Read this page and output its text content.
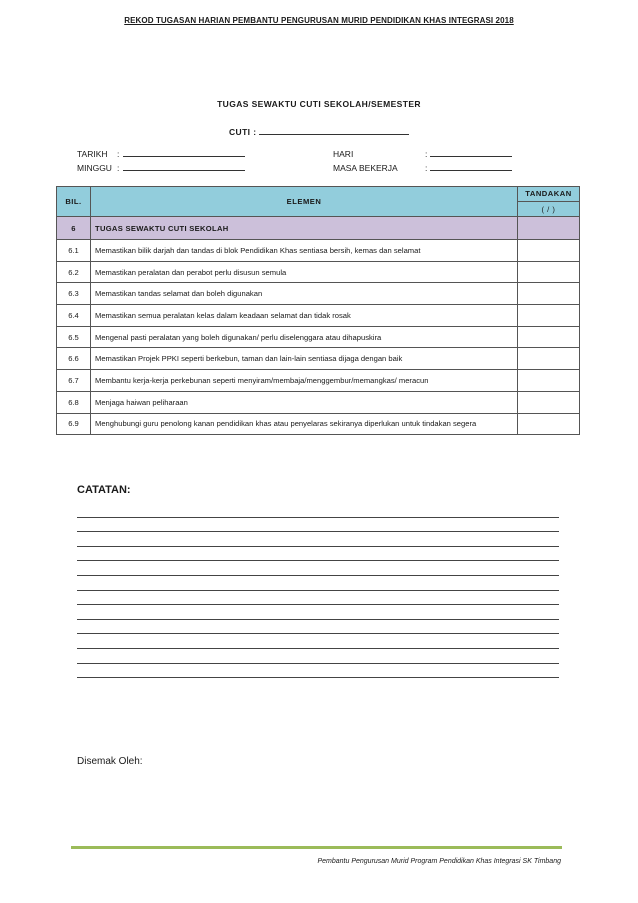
REKOD TUGASAN HARIAN PEMBANTU PENGURUSAN MURID PENDIDIKAN KHAS INTEGRASI 2018
TUGAS SEWAKTU CUTI SEKOLAH/SEMESTER
CUTI :
TARIKH :
MINGGU :
HARI	:
MASA BEKERJA	:
BIL.	ELEMEN	TANDAKAN
( / )

6	TUGAS SEWAKTU CUTI SEKOLAH	
6.1	Memastikan bilik darjah dan tandas di blok Pendidikan Khas sentiasa bersih, kemas dan selamat	
6.2	Memastikan peralatan dan perabot perlu disusun semula	
6.3	Memastikan tandas selamat dan boleh digunakan	
6.4	Memastikan semua peralatan kelas dalam keadaan selamat dan tidak rosak	
6.5	Mengenal pasti peralatan yang boleh digunakan/ perlu diselenggara atau dihapuskira	
6.6	Memastikan Projek PPKI seperti berkebun, taman dan lain-lain sentiasa dijaga dengan baik	
6.7	Membantu kerja-kerja perkebunan seperti menyiram/membaja/menggembur/memangkas/ meracun	
6.8	Menjaga haiwan peliharaan	
6.9	Menghubungi guru penolong kanan pendidikan khas atau penyelaras sekiranya diperlukan untuk tindakan segera	
CATATAN:
Disemak Oleh:
Pembantu Pengurusan Murid Program Pendidikan Khas Integrasi SK Timbang
